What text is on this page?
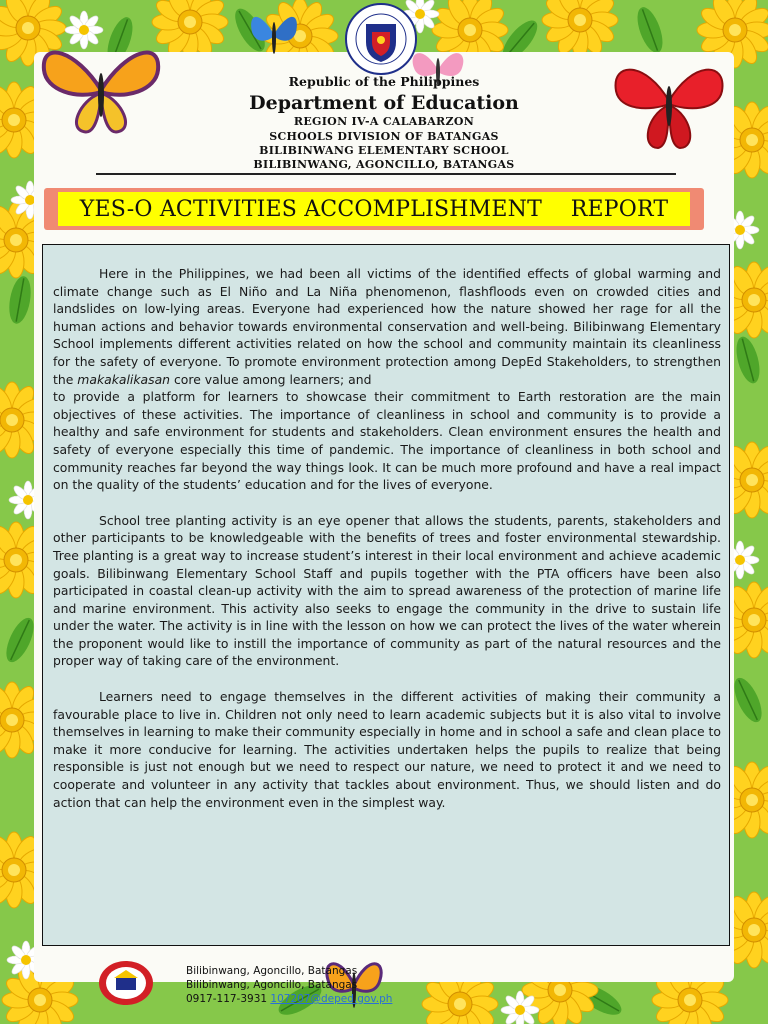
Republic of the Philippines
Department of Education
REGION IV-A CALABARZON
SCHOOLS DIVISION OF BATANGAS
BILIBINWANG ELEMENTARY SCHOOL
BILIBINWANG, AGONCILLO, BATANGAS
YES-O ACTIVITIES ACCOMPLISHMENT    REPORT

Here in the Philippines, we had been all victims of the identified effects of global warming and climate change such as El Niño and La Niña phenomenon, flashfloods even on crowded cities and landslides on low-lying areas. Everyone had experienced how the nature showed her rage for all the human actions and behavior towards environmental conservation and well-being. Bilibinwang Elementary School implements different activities related on how the school and community maintain its cleanliness for the safety of everyone. To promote environment protection among DepEd Stakeholders, to strengthen the makakalikasan core value among learners; and

to provide a platform for learners to showcase their commitment to Earth restoration are the main objectives of these activities. The importance of cleanliness in school and community is to provide a healthy and safe environment for students and stakeholders. Clean environment ensures the health and safety of everyone especially this time of pandemic. The importance of cleanliness in both school and community reaches far beyond the way things look. It can be much more profound and have a real impact on the quality of the students’ education and for the lives of everyone.

School tree planting activity is an eye opener that allows the students, parents, stakeholders and other participants to be knowledgeable with the benefits of trees and foster environmental stewardship. Tree planting is a great way to increase student’s interest in their local environment and achieve academic goals. Bilibinwang Elementary School Staff and pupils together with the PTA officers have been also participated in coastal clean-up activity with the aim to spread awareness of the protection of marine life and marine environment. This activity also seeks to engage the community in the drive to sustain life under the water. The activity is in line with the lesson on how we can protect the lives of the water wherein the proponent would like to instill the importance of community as part of the natural resources and the proper way of taking care of the environment.

Learners need to engage themselves in the different activities of making their community a favourable place to live in. Children not only need to learn academic subjects but it is also vital to involve themselves in learning to make their community especially in home and in school a safe and clean place to make it more conducive for learning. The activities undertaken helps the pupils to realize that being responsible is just not enough but we need to respect our nature, we need to protect it and we need to cooperate and volunteer in any activity that tackles about environment. Thus, we should listen and do action that can help the environment even in the simplest way.

Bilibinwang, Agoncillo, Batangas
Bilibinwang, Agoncillo, Batangas
0917-117-3931 107207@deped.gov.ph
